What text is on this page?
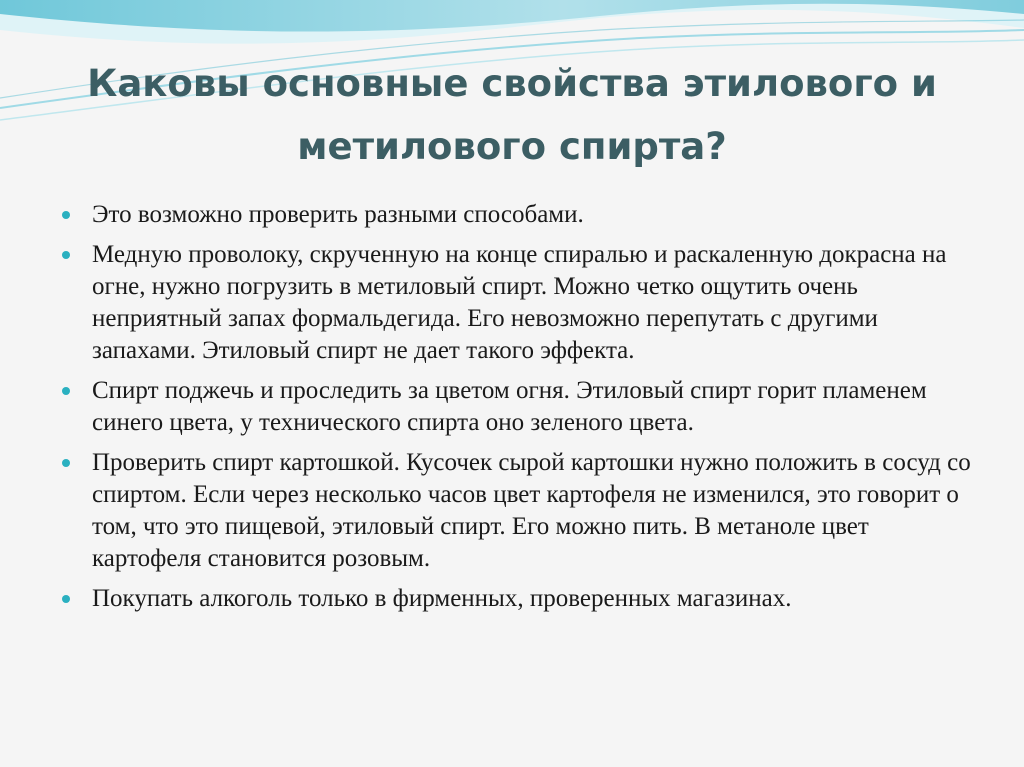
Каковы основные свойства этилового и метилового спирта?
Это возможно проверить разными способами.
Медную проволоку, скрученную на конце спиралью и раскаленную докрасна на огне, нужно погрузить в метиловый спирт. Можно четко ощутить очень неприятный запах формальдегида. Его невозможно перепутать с другими запахами. Этиловый спирт не дает такого эффекта.
Спирт поджечь и проследить за цветом огня. Этиловый спирт горит пламенем синего цвета, у технического спирта оно зеленого цвета.
Проверить спирт картошкой. Кусочек сырой картошки нужно положить в сосуд со спиртом. Если через несколько часов цвет картофеля не изменился, это говорит о том, что это пищевой, этиловый спирт. Его можно пить. В метаноле цвет картофеля становится розовым.
Покупать алкоголь только в фирменных, проверенных магазинах.
